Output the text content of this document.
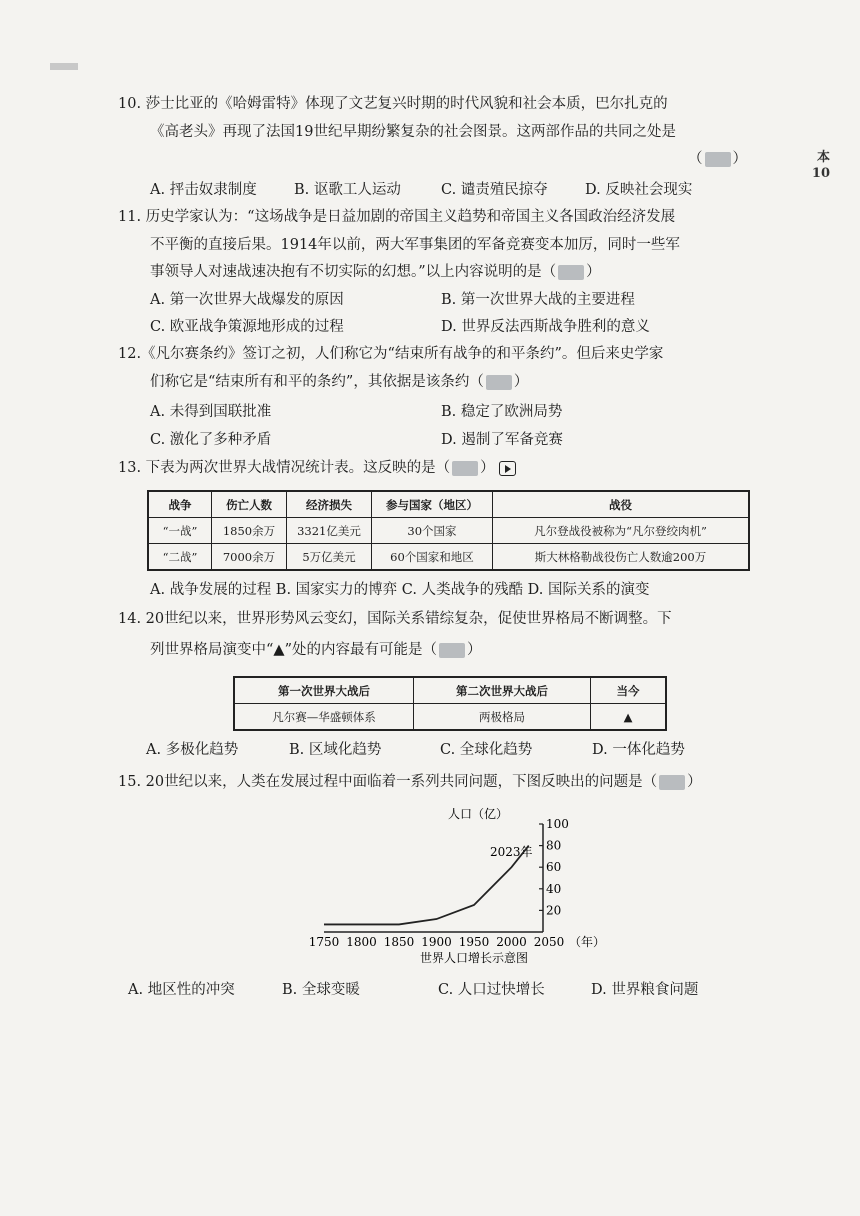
本
10
10. 莎士比亚的《哈姆雷特》体现了文艺复兴时期的时代风貌和社会本质，巴尔扎克的
《高老头》再现了法国19世纪早期纷繁复杂的社会图景。这两部作品的共同之处是
（ ）
A. 抨击奴隶制度	B. 讴歌工人运动	C. 谴责殖民掠夺	D. 反映社会现实
11. 历史学家认为：“这场战争是日益加剧的帝国主义趋势和帝国主义各国政治经济发展
不平衡的直接后果。1914年以前，两大军事集团的军备竞赛变本加厉，同时一些军
事领导人对速战速决抱有不切实际的幻想。”以上内容说明的是（ ）
A. 第一次世界大战爆发的原因	B. 第一次世界大战的主要进程
C. 欧亚战争策源地形成的过程	D. 世界反法西斯战争胜利的意义
12.《凡尔赛条约》签订之初，人们称它为“结束所有战争的和平条约”。但后来史学家
们称它是“结束所有和平的条约”，其依据是该条约（ ）
A. 未得到国联批准	B. 稳定了欧洲局势
C. 激化了多种矛盾	D. 遏制了军备竞赛
13. 下表为两次世界大战情况统计表。这反映的是（ ）
战争	伤亡人数	经济损失	参与国家（地区）	战役
“一战”	1850余万	3321亿美元	30个国家	凡尔登战役被称为“凡尔登绞肉机”
“二战”	7000余万	5万亿美元	60个国家和地区	斯大林格勒战役伤亡人数逾200万
A. 战争发展的过程 B. 国家实力的博弈 C. 人类战争的残酷 D. 国际关系的演变
14. 20世纪以来，世界形势风云变幻，国际关系错综复杂，促使世界格局不断调整。下
列世界格局演变中“▲”处的内容最有可能是（ ）
第一次世界大战后	第二次世界大战后	当今
凡尔赛—华盛顿体系	两极格局	▲
A. 多极化趋势	B. 区域化趋势	C. 全球化趋势	D. 一体化趋势
15. 20世纪以来，人类在发展过程中面临着一系列共同问题，下图反映出的问题是（ ）
人口（亿）
世界人口增长示意图
2023年
20
40
60
80
100
1750 1800 1850 1900 1950 2000 2050 （年）
A. 地区性的冲突	B. 全球变暖	C. 人口过快增长	D. 世界粮食问题
